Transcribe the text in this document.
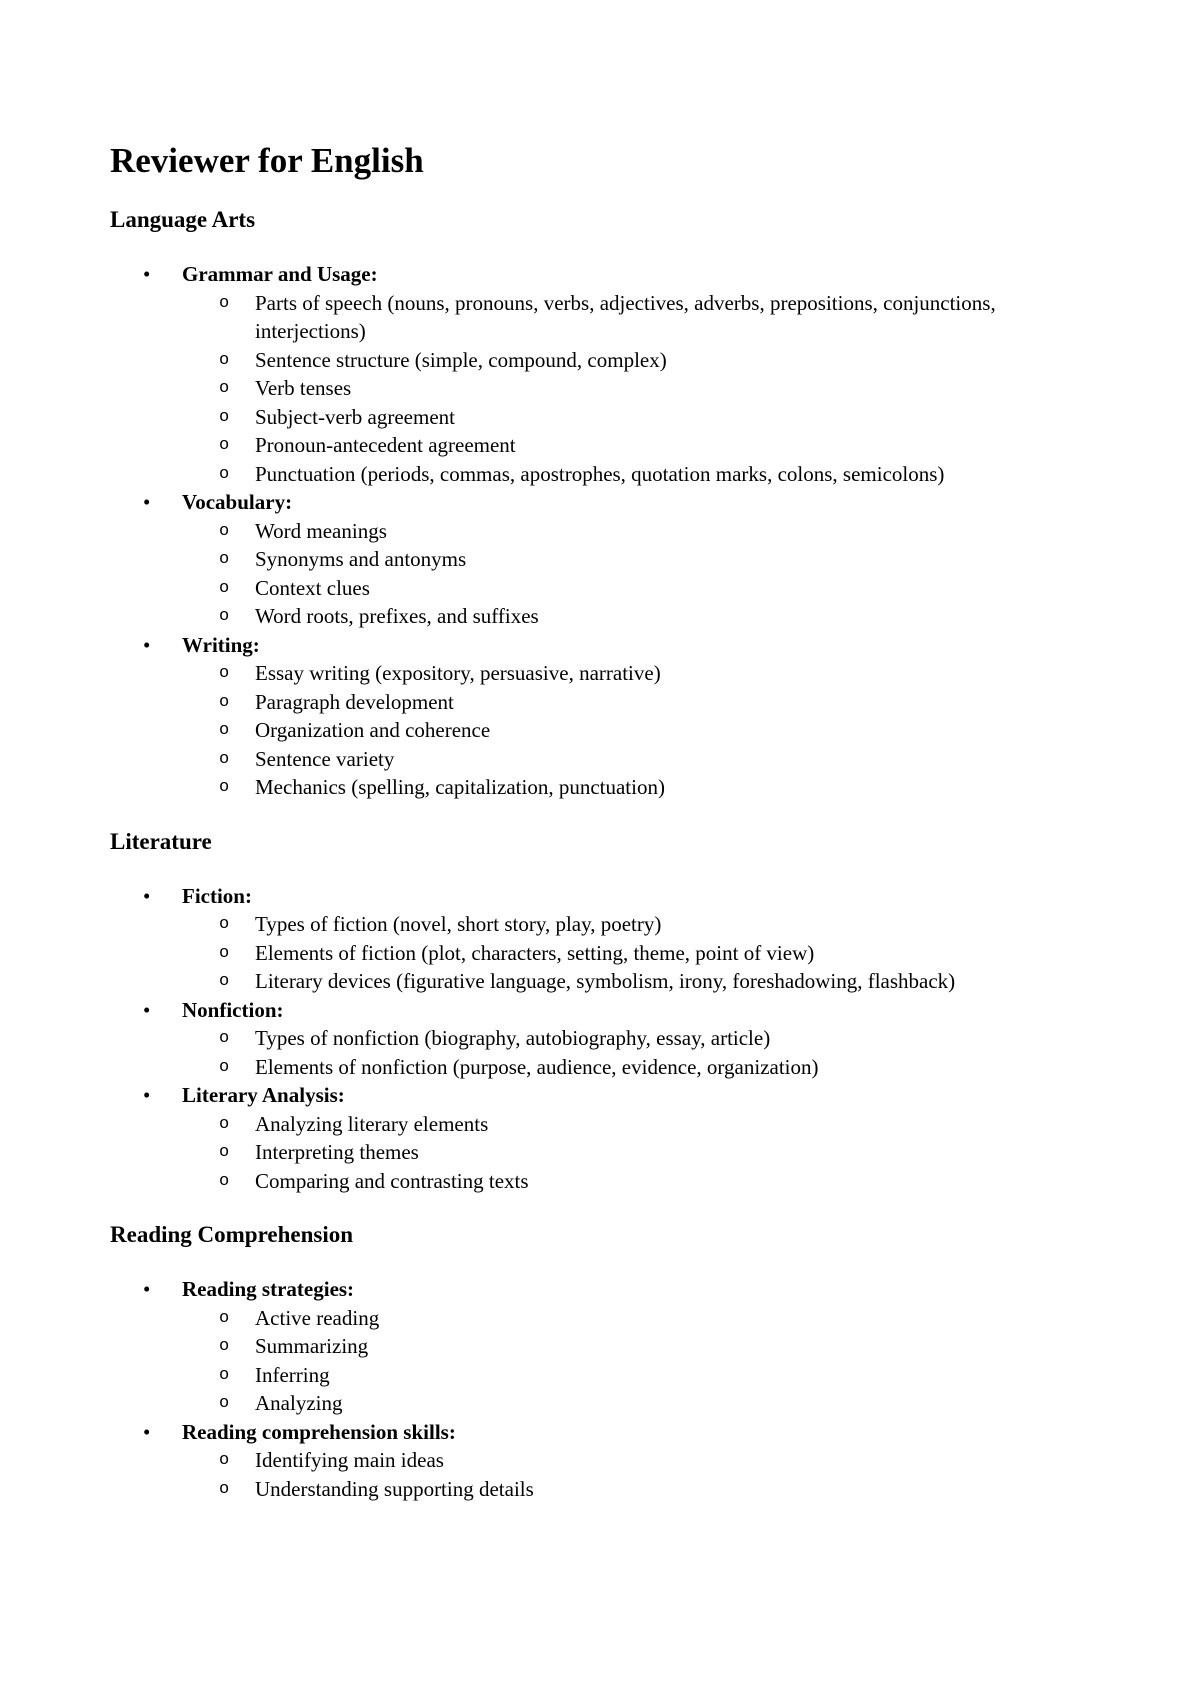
Reviewer for English
Language Arts
• Grammar and Usage:
o Parts of speech (nouns, pronouns, verbs, adjectives, adverbs, prepositions, conjunctions, interjections)
o Sentence structure (simple, compound, complex)
o Verb tenses
o Subject-verb agreement
o Pronoun-antecedent agreement
o Punctuation (periods, commas, apostrophes, quotation marks, colons, semicolons)
• Vocabulary:
o Word meanings
o Synonyms and antonyms
o Context clues
o Word roots, prefixes, and suffixes
• Writing:
o Essay writing (expository, persuasive, narrative)
o Paragraph development
o Organization and coherence
o Sentence variety
o Mechanics (spelling, capitalization, punctuation)
Literature
• Fiction:
o Types of fiction (novel, short story, play, poetry)
o Elements of fiction (plot, characters, setting, theme, point of view)
o Literary devices (figurative language, symbolism, irony, foreshadowing, flashback)
• Nonfiction:
o Types of nonfiction (biography, autobiography, essay, article)
o Elements of nonfiction (purpose, audience, evidence, organization)
• Literary Analysis:
o Analyzing literary elements
o Interpreting themes
o Comparing and contrasting texts
Reading Comprehension
• Reading strategies:
o Active reading
o Summarizing
o Inferring
o Analyzing
• Reading comprehension skills:
o Identifying main ideas
o Understanding supporting details
